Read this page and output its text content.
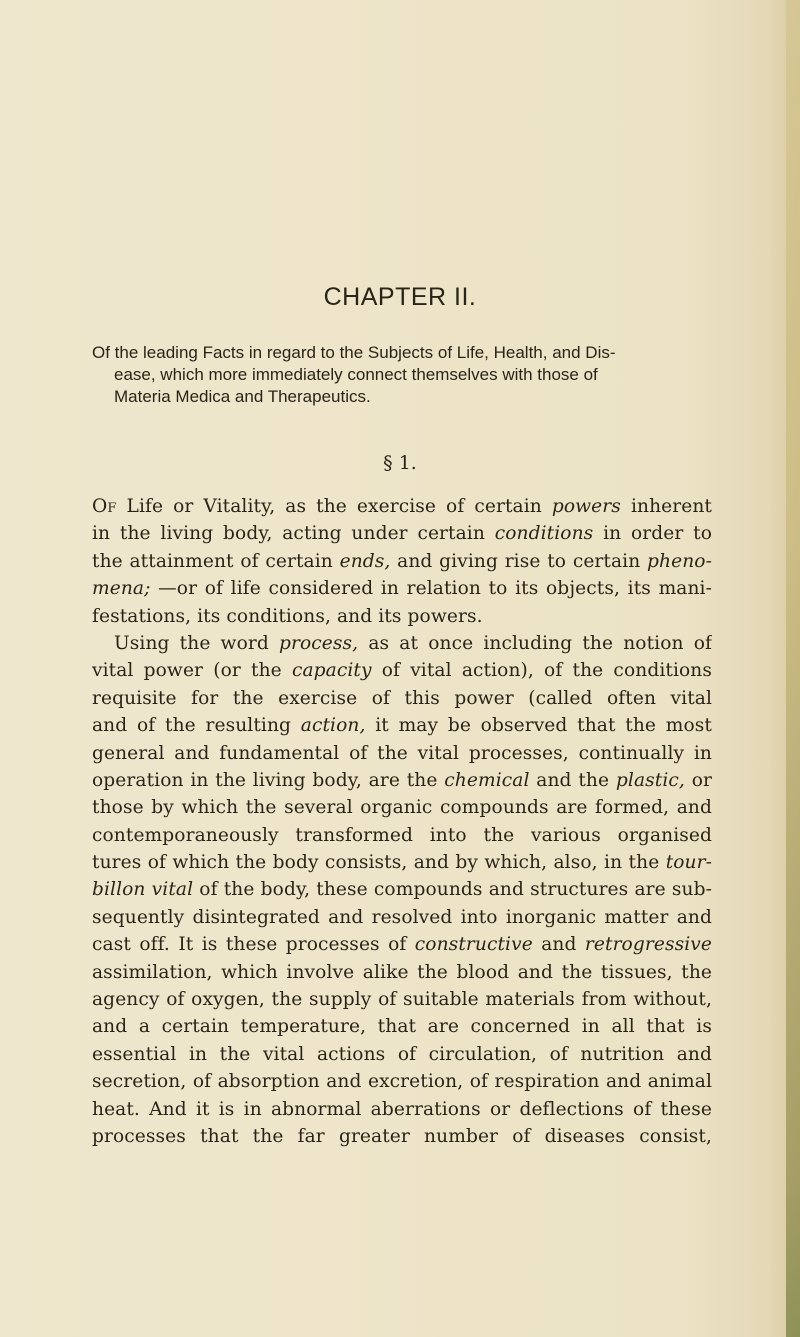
CHAPTER II.
Of the leading Facts in regard to the Subjects of Life, Health, and Dis-
ease, which more immediately connect themselves with those of
Materia Medica and Therapeutics.
§ 1.
Of Life or Vitality, as the exercise of certain powers inherent
in the living body, acting under certain conditions in order to
the attainment of certain ends, and giving rise to certain pheno-
mena; —or of life considered in relation to its objects, its mani-
festations, its conditions, and its powers.
Using the word process, as at once including the notion of
vital power (or the capacity of vital action), of the conditions
requisite for the exercise of this power (called often vital
and of the resulting action, it may be observed that the most
general and fundamental of the vital processes, continually in
operation in the living body, are the chemical and the plastic, or
those by which the several organic compounds are formed, and
contemporaneously transformed into the various organised
tures of which the body consists, and by which, also, in the tour-
billon vital of the body, these compounds and structures are sub-
sequently disintegrated and resolved into inorganic matter and
cast off. It is these processes of constructive and retrogressive
assimilation, which involve alike the blood and the tissues, the
agency of oxygen, the supply of suitable materials from without,
and a certain temperature, that are concerned in all that is
essential in the vital actions of circulation, of nutrition and
secretion, of absorption and excretion, of respiration and animal
heat. And it is in abnormal aberrations or deflections of these
processes that the far greater number of diseases consist,
